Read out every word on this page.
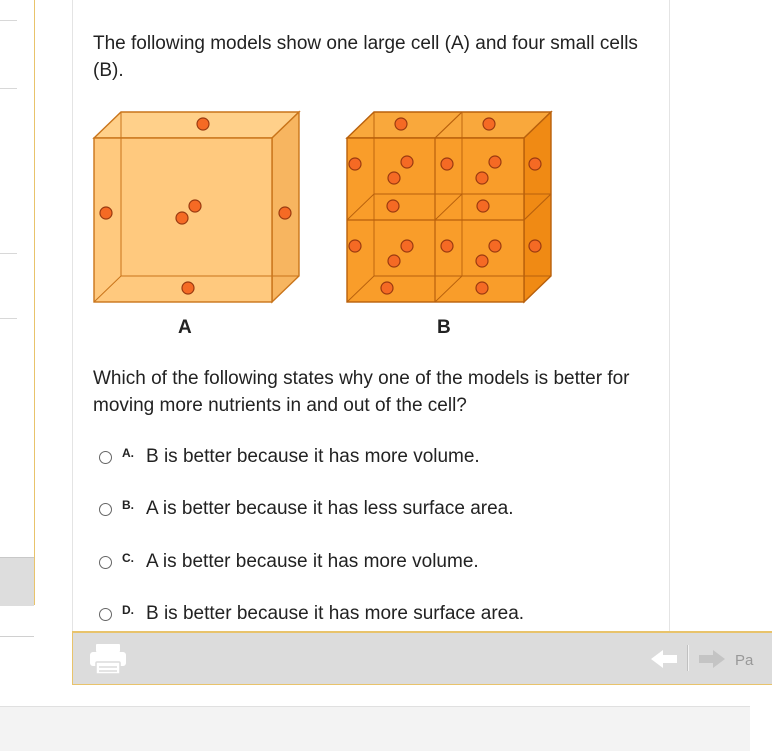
The following models show one large cell (A) and four small cells (B).

A	B

Which of the following states why one of the models is better for moving more nutrients in and out of the cell?

A. B is better because it has more volume.
B. A is better because it has less surface area.
C. A is better because it has more volume.
D. B is better because it has more surface area.
Pa
